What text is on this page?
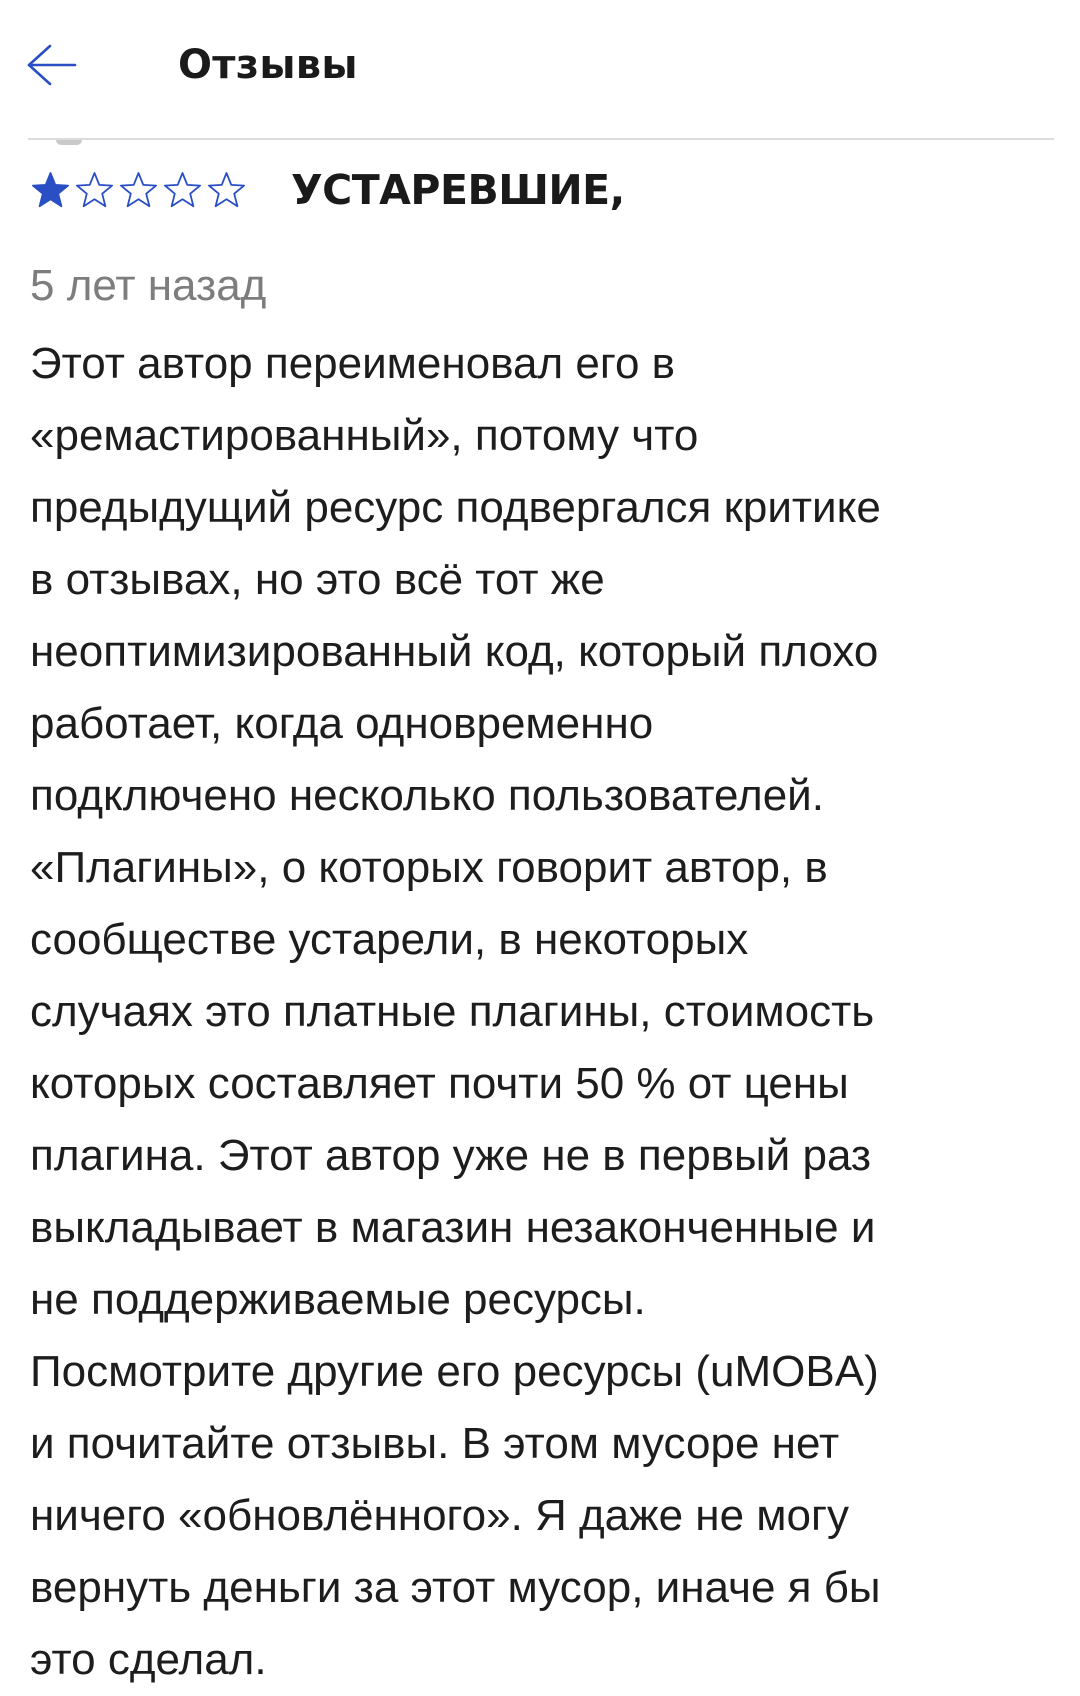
Отзывы
УСТАРЕВШИЕ,
5 лет назад
Этот автор переименовал его в
«ремастированный», потому что
предыдущий ресурс подвергался критике
в отзывах, но это всё тот же
неоптимизированный код, который плохо
работает, когда одновременно
подключено несколько пользователей.
«Плагины», о которых говорит автор, в
сообществе устарели, в некоторых
случаях это платные плагины, стоимость
которых составляет почти 50 % от цены
плагина. Этот автор уже не в первый раз
выкладывает в магазин незаконченные и
не поддерживаемые ресурсы.
Посмотрите другие его ресурсы (uMOBA)
и почитайте отзывы. В этом мусоре нет
ничего «обновлённого». Я даже не могу
вернуть деньги за этот мусор, иначе я бы
это сделал.
